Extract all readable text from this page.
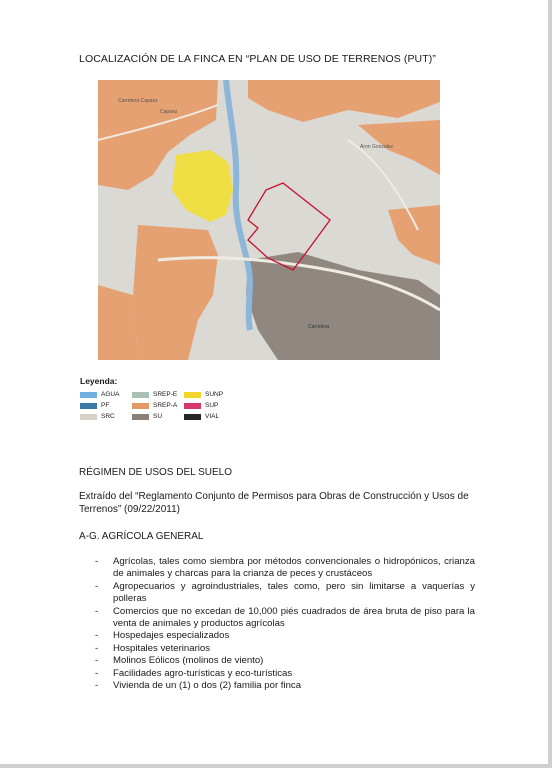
LOCALIZACIÓN DE LA FINCA EN “PLAN DE USO DE TERRENOS (PUT)”
Carretera Capaez
Capaez
Aron Gonzalez
Carretera
Leyenda:
AGUA	SREP-E	SUNP
PF	SREP-A	SUP
SRC	SU	VIAL
RÉGIMEN DE USOS DEL SUELO
Extraído del “Reglamento Conjunto de Permisos para Obras de Construcción y Usos de Terrenos” (09/22/2011)
A-G. AGRÍCOLA GENERAL
- Agrícolas, tales como siembra por métodos convencionales o hidropónicos, crianza de animales y charcas para la crianza de peces y crustáceos
- Agropecuarios y agroindustriales, tales como, pero sin limitarse a vaquerías y polleras
- Comercios que no excedan de 10,000 piés cuadrados de área bruta de piso para la venta de animales y productos agrícolas
- Hospedajes especializados
- Hospitales veterinarios
- Molinos Eólicos (molinos de viento)
- Facilidades agro-turísticas y eco-turísticas
- Vivienda de un (1) o dos (2) familia por finca
